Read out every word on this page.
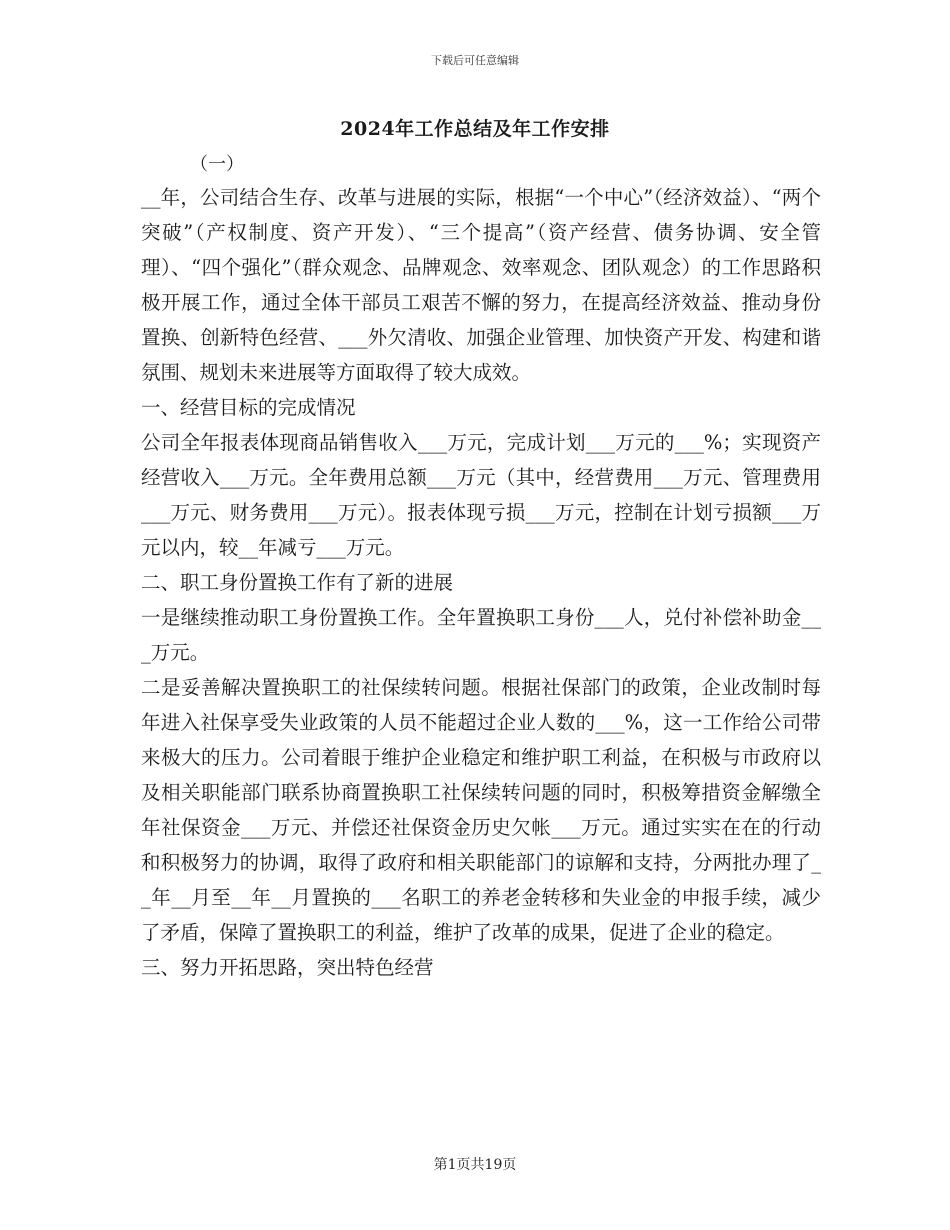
下载后可任意编辑
2024年工作总结及年工作安排
（一）

__年，公司结合生存、改革与进展的实际，根据“一个中心”（经济效益）、“两个突破”（产权制度、资产开发）、“三个提高”（资产经营、债务协调、安全管理）、“四个强化”（群众观念、品牌观念、效率观念、团队观念）的工作思路积极开展工作，通过全体干部员工艰苦不懈的努力，在提高经济效益、推动身份置换、创新特色经营、___外欠清收、加强企业管理、加快资产开发、构建和谐氛围、规划未来进展等方面取得了较大成效。

一、经营目标的完成情况

公司全年报表体现商品销售收入___万元，完成计划___万元的___%；实现资产经营收入___万元。全年费用总额___万元（其中，经营费用___万元、管理费用___万元、财务费用___万元）。报表体现亏损___万元，控制在计划亏损额___万元以内，较__年减亏___万元。

二、职工身份置换工作有了新的进展

一是继续推动职工身份置换工作。全年置换职工身份___人，兑付补偿补助金___万元。

二是妥善解决置换职工的社保续转问题。根据社保部门的政策，企业改制时每年进入社保享受失业政策的人员不能超过企业人数的___%，这一工作给公司带来极大的压力。公司着眼于维护企业稳定和维护职工利益，在积极与市政府以及相关职能部门联系协商置换职工社保续转问题的同时，积极筹措资金解缴全年社保资金___万元、并偿还社保资金历史欠帐___万元。通过实实在在的行动和积极努力的协调，取得了政府和相关职能部门的谅解和支持，分两批办理了__年__月至__年__月置换的___名职工的养老金转移和失业金的申报手续，减少了矛盾，保障了置换职工的利益，维护了改革的成果，促进了企业的稳定。

三、努力开拓思路，突出特色经营

第1页共19页
